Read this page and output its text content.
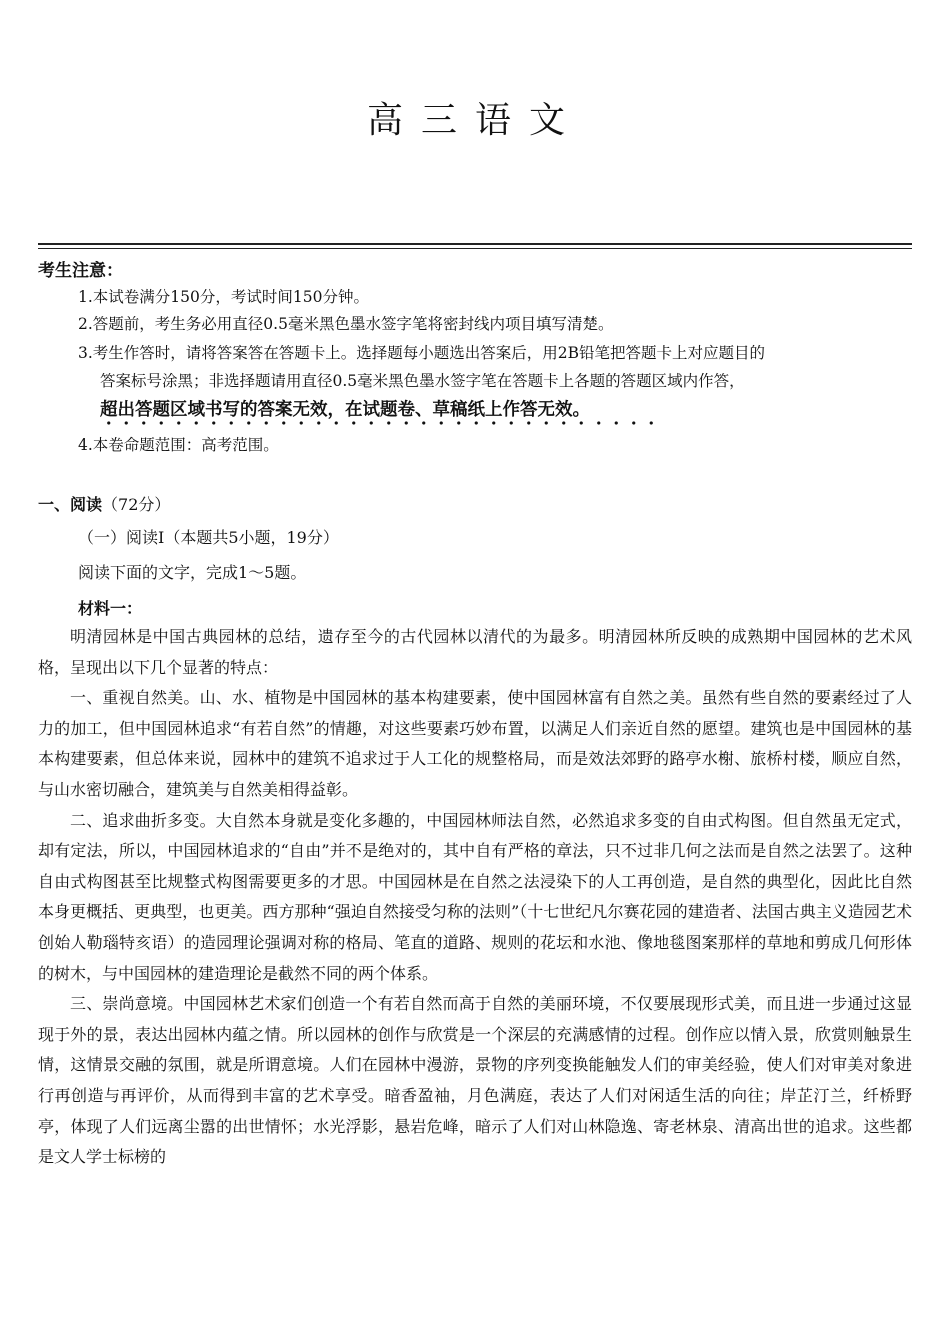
高三语文
考生注意：
1.本试卷满分150分，考试时间150分钟。
2.答题前，考生务必用直径0.5毫米黑色墨水签字笔将密封线内项目填写清楚。
3.考生作答时，请将答案答在答题卡上。选择题每小题选出答案后，用2B铅笔把答题卡上对应题目的
答案标号涂黑；非选择题请用直径0.5毫米黑色墨水签字笔在答题卡上各题的答题区域内作答，
超出答题区域书写的答案无效，在试题卷、草稿纸上作答无效。
4.本卷命题范围：高考范围。
一、阅读（72分）
（一）阅读Ⅰ（本题共5小题，19分）
阅读下面的文字，完成1～5题。
材料一：

明清园林是中国古典园林的总结，遗存至今的古代园林以清代的为最多。明清园林所反映的成熟期中国园林的艺术风格，呈现出以下几个显著的特点：

一、重视自然美。山、水、植物是中国园林的基本构建要素，使中国园林富有自然之美。虽然有些自然的要素经过了人力的加工，但中国园林追求“有若自然”的情趣，对这些要素巧妙布置，以满足人们亲近自然的愿望。建筑也是中国园林的基本构建要素，但总体来说，园林中的建筑不追求过于人工化的规整格局，而是效法郊野的路亭水榭、旅桥村楼，顺应自然，与山水密切融合，建筑美与自然美相得益彰。

二、追求曲折多变。大自然本身就是变化多趣的，中国园林师法自然，必然追求多变的自由式构图。但自然虽无定式，却有定法，所以，中国园林追求的“自由”并不是绝对的，其中自有严格的章法，只不过非几何之法而是自然之法罢了。这种自由式构图甚至比规整式构图需要更多的才思。中国园林是在自然之法浸染下的人工再创造，是自然的典型化，因此比自然本身更概括、更典型，也更美。西方那种“强迫自然接受匀称的法则”（十七世纪凡尔赛花园的建造者、法国古典主义造园艺术创始人勒瑙特亥语）的造园理论强调对称的格局、笔直的道路、规则的花坛和水池、像地毯图案那样的草地和剪成几何形体的树木，与中国园林的建造理论是截然不同的两个体系。

三、崇尚意境。中国园林艺术家们创造一个有若自然而高于自然的美丽环境，不仅要展现形式美，而且进一步通过这显现于外的景，表达出园林内蕴之情。所以园林的创作与欣赏是一个深层的充满感情的过程。创作应以情入景，欣赏则触景生情，这情景交融的氛围，就是所谓意境。人们在园林中漫游，景物的序列变换能触发人们的审美经验，使人们对审美对象进行再创造与再评价，从而得到丰富的艺术享受。暗香盈袖，月色满庭，表达了人们对闲适生活的向往；岸芷汀兰，纤桥野亭，体现了人们远离尘嚣的出世情怀；水光浮影，悬岩危峰，暗示了人们对山林隐逸、寄老林泉、清高出世的追求。这些都是文人学士标榜的
